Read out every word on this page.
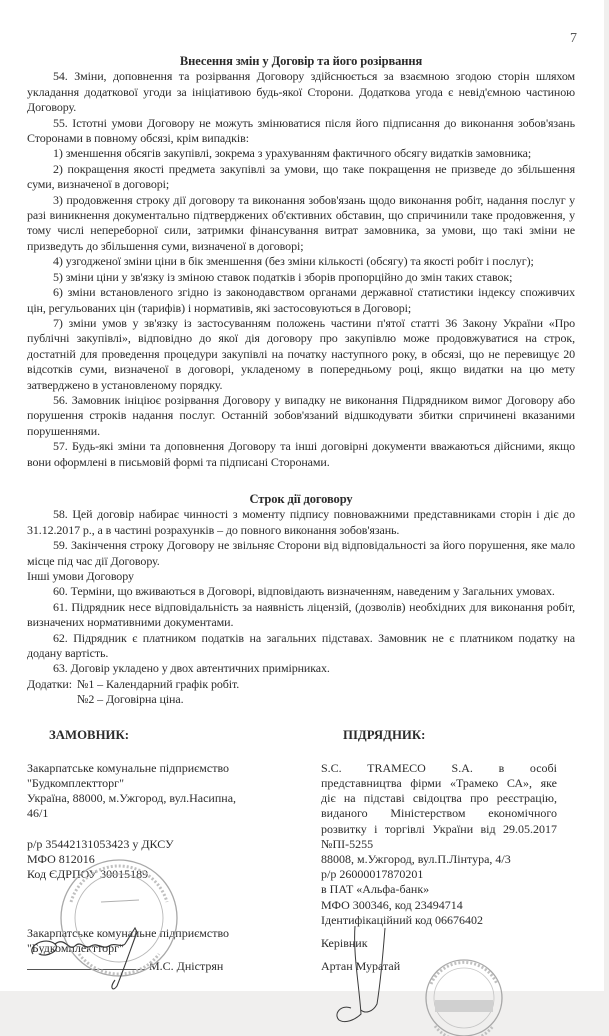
7

Внесення змін у Договір та його розірвання

54. Зміни, доповнення та розірвання Договору здійснюється за взаємною згодою сторін шляхом укладання додаткової угоди за ініціативою будь-якої Сторони. Додаткова угода є невід'ємною частиною Договору.

55. Істотні умови Договору не можуть змінюватися після його підписання до виконання зобов'язань Сторонами в повному обсязі, крім випадків:

1) зменшення обсягів закупівлі, зокрема з урахуванням фактичного обсягу видатків замовника;

2) покращення якості предмета закупівлі за умови, що таке покращення не призведе до збільшення суми, визначеної в договорі;

3) продовження строку дії договору та виконання зобов'язань щодо виконання робіт, надання послуг у разі виникнення документально підтверджених об'єктивних обставин, що спричинили таке продовження, у тому числі непереборної сили, затримки фінансування витрат замовника, за умови, що такі зміни не призведуть до збільшення суми, визначеної в договорі;

4) узгодженої зміни ціни в бік зменшення (без зміни кількості (обсягу) та якості робіт і послуг);

5) зміни ціни у зв'язку із зміною ставок податків і зборів пропорційно до змін таких ставок;

6) зміни встановленого згідно із законодавством органами державної статистики індексу споживчих цін, регульованих цін (тарифів) і нормативів, які застосовуються в Договорі;

7) зміни умов у зв'язку із застосуванням положень частини п'ятої статті 36 Закону України «Про публічні закупівлі», відповідно до якої дія договору про закупівлю може продовжуватися на строк, достатній для проведення процедури закупівлі на початку наступного року, в обсязі, що не перевищує 20 відсотків суми, визначеної в договорі, укладеному в попередньому році, якщо видатки на цю мету затверджено в установленому порядку.

56. Замовник ініціює розірвання Договору у випадку не виконання Підрядником вимог Договору або порушення строків надання послуг. Останній зобов'язаний відшкодувати збитки спричинені вказаними порушеннями.

57. Будь-які зміни та доповнення Договору та інші договірні документи вважаються дійсними, якщо вони оформлені в письмовій формі та підписані Сторонами.

Строк дії договору

58. Цей договір набирає чинності з моменту підпису повноважними представниками сторін і діє до 31.12.2017 р., а в частині розрахунків – до повного виконання зобов'язань.

59. Закінчення строку Договору не звільняє Сторони від відповідальності за його порушення, яке мало місце під час дії Договору.

Інші умови Договору

60. Терміни, що вживаються в Договорі, відповідають визначенням, наведеним у Загальних умовах.

61. Підрядник несе відповідальність за наявність ліцензій, (дозволів) необхідних для виконання робіт, визначених нормативними документами.

62. Підрядник є платником податків на загальних підставах. Замовник не є платником податку на додану вартість.

63. Договір укладено у двох автентичних примірниках.

Додатки: №1 – Календарний графік робіт.

№2 – Договірна ціна.

ЗАМОВНИК:

Закарпатське комунальне підприємство

"Будкомплектторг"

Україна, 88000, м.Ужгород, вул.Насипна, 46/1

р/р 35442131053423 у ДКСУ

МФО 812016

Код ЄДРПОУ 30015189

Закарпатське комунальне підприємство

"Будкомплектторг"

М.С. Дністрян

ПІДРЯДНИК:

S.C. TRAMECO S.A. в особі

представництва фірми «Трамеко СА», яке

діє на підставі свідоцтва про реєстрацію,

виданого Міністерством економічного

розвитку і торгівлі України від 29.05.2017

№ПІ-5255

88008, м.Ужгород, вул.П.Лінтура, 4/3

р/р 26000017870201

в ПАТ «Альфа-банк»

МФО 300346, код 23494714

Ідентифікаційний код 06676402

Керівник

Артан Муратай
